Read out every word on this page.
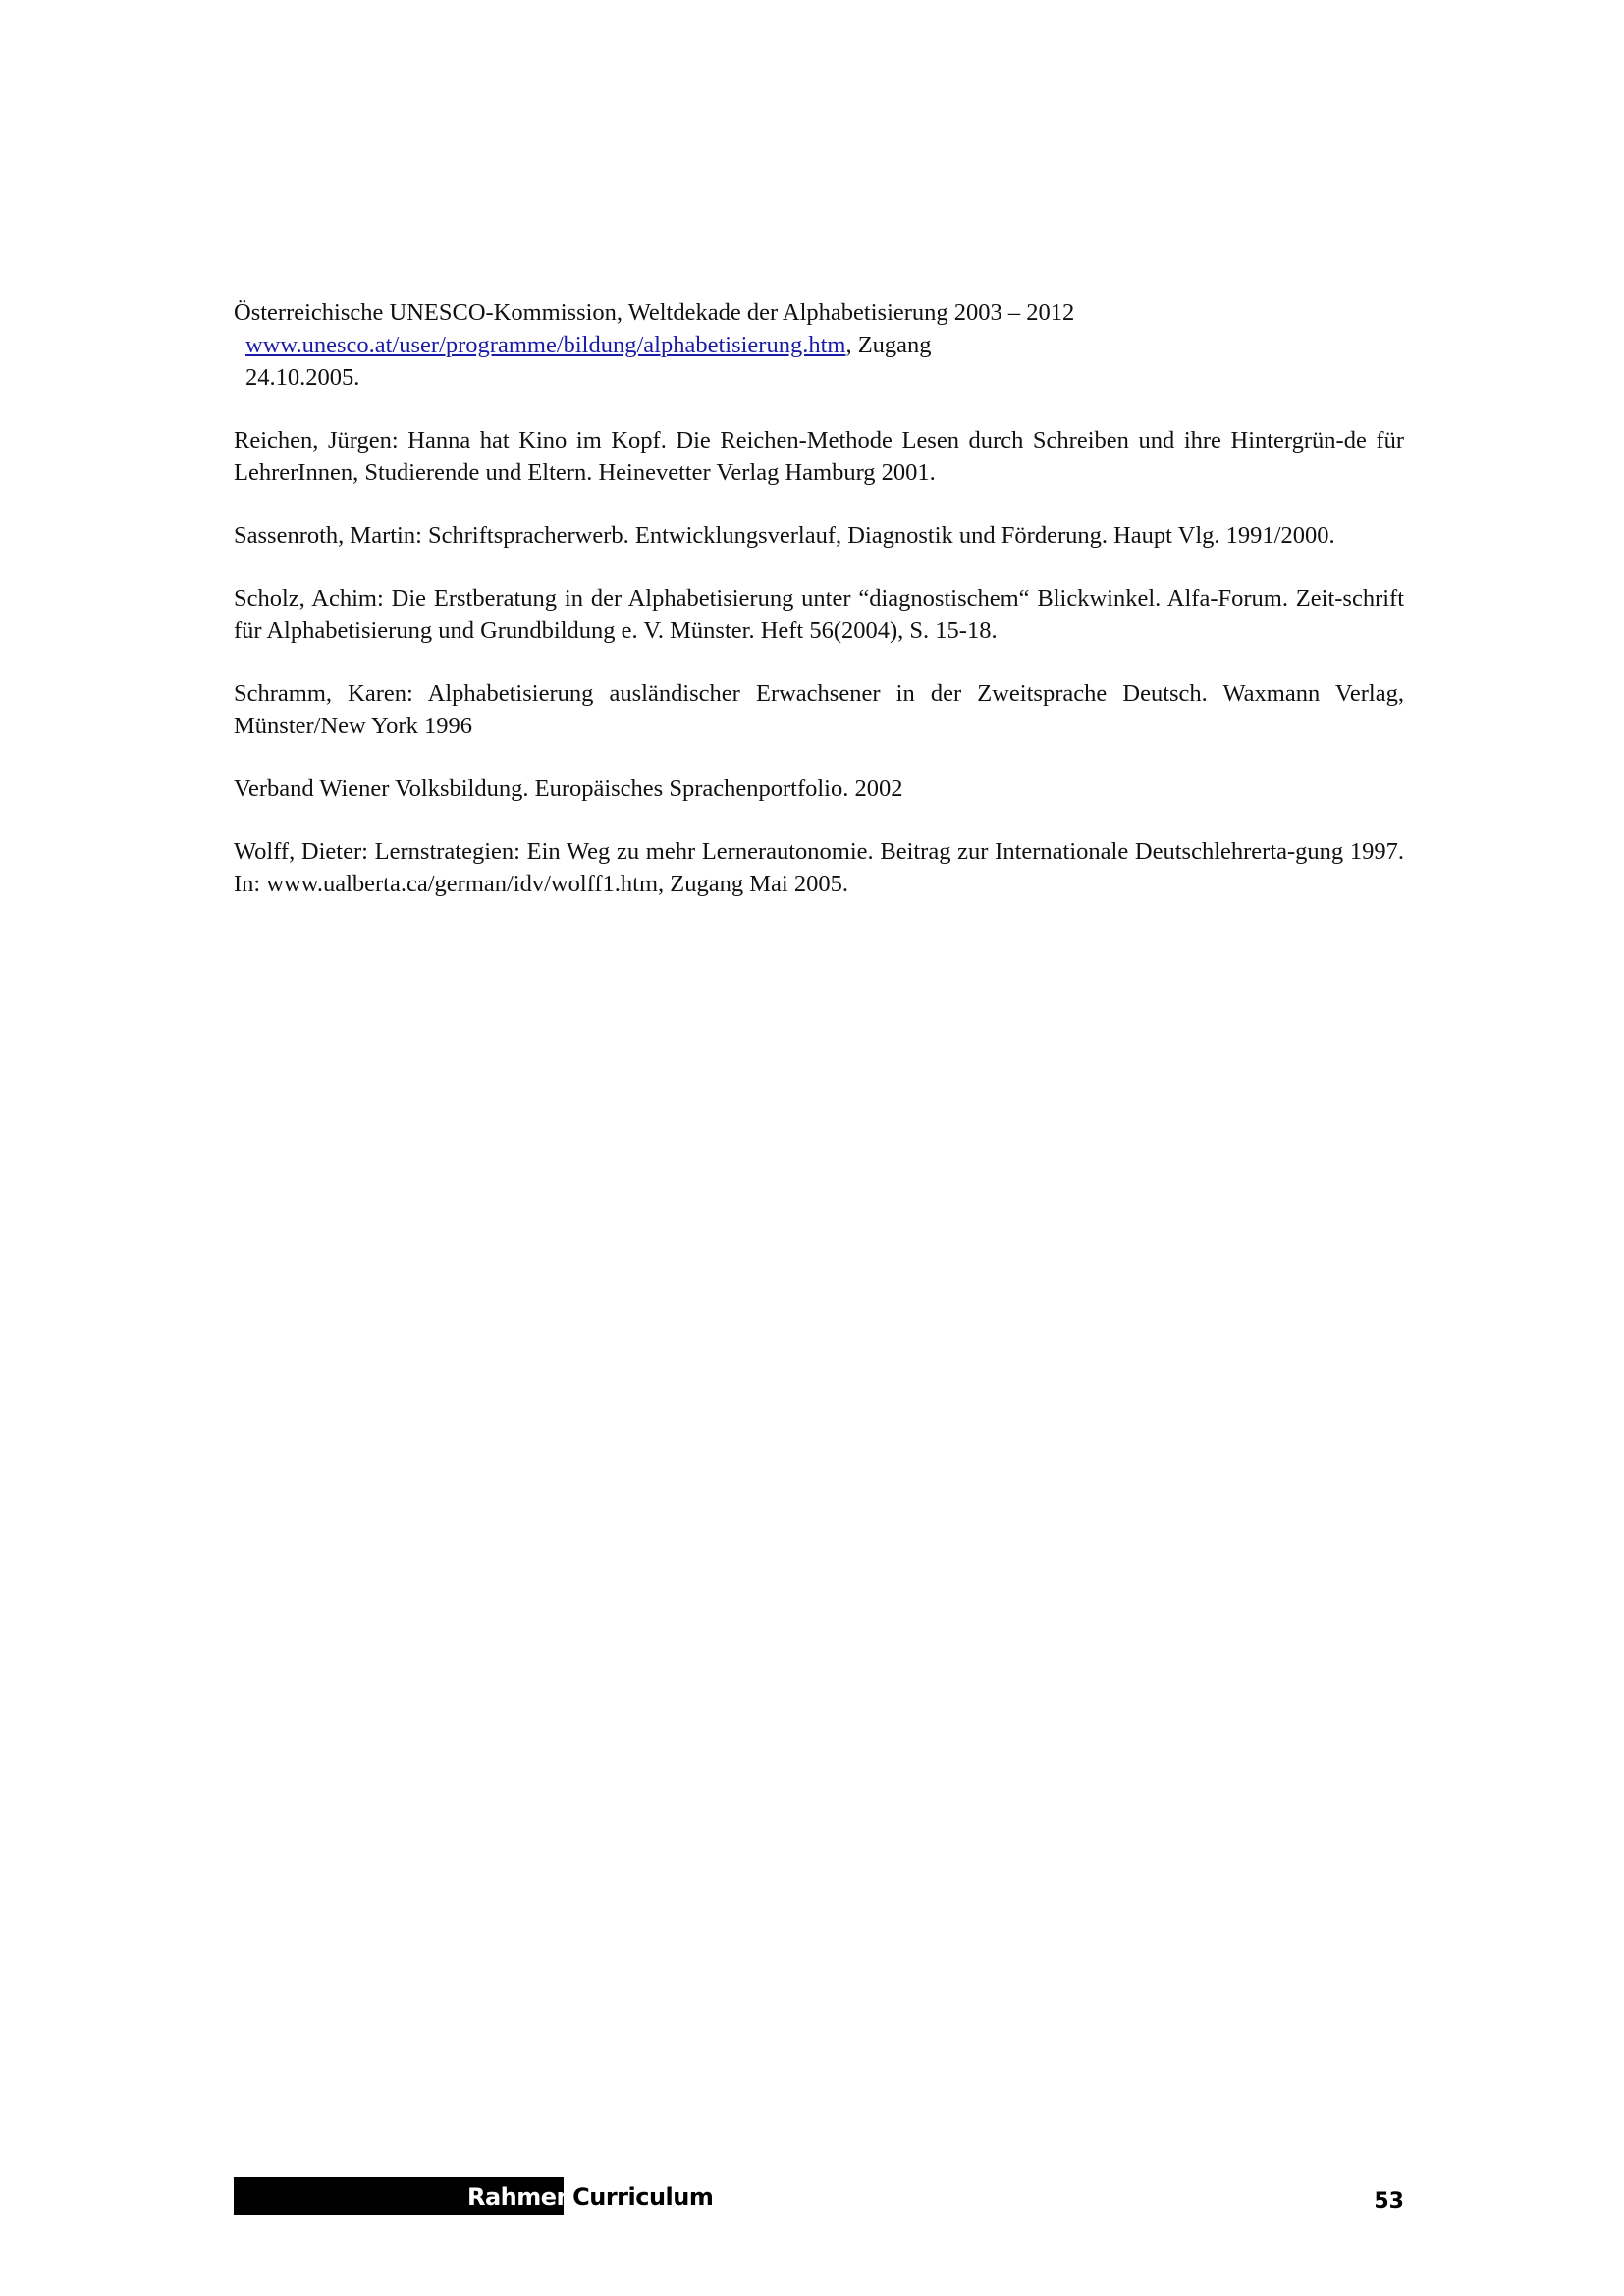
Österreichische UNESCO-Kommission, Weltdekade der Alphabetisierung 2003 – 2012
www.unesco.at/user/programme/bildung/alphabetisierung.htm, Zugang
24.10.2005.
Reichen, Jürgen: Hanna hat Kino im Kopf. Die Reichen-Methode Lesen durch Schreiben und ihre Hintergrün-de für LehrerInnen, Studierende und Eltern. Heinevetter Verlag Hamburg 2001.
Sassenroth, Martin: Schriftspracherwerb. Entwicklungsverlauf, Diagnostik und Förderung. Haupt Vlg. 1991/2000.
Scholz, Achim: Die Erstberatung in der Alphabetisierung unter “diagnostischem“ Blickwinkel. Alfa-Forum. Zeit-schrift für Alphabetisierung und Grundbildung e. V. Münster. Heft 56(2004), S. 15-18.
Schramm, Karen: Alphabetisierung ausländischer Erwachsener in der Zweitsprache Deutsch. Waxmann Verlag, Münster/New York 1996
Verband Wiener Volksbildung. Europäisches Sprachenportfolio. 2002
Wolff, Dieter: Lernstrategien: Ein Weg zu mehr Lernerautonomie. Beitrag zur Internationale Deutschlehrerta-gung 1997. In: www.ualberta.ca/german/idv/wolff1.htm, Zugang Mai 2005.
RahmenCurriculum	53
